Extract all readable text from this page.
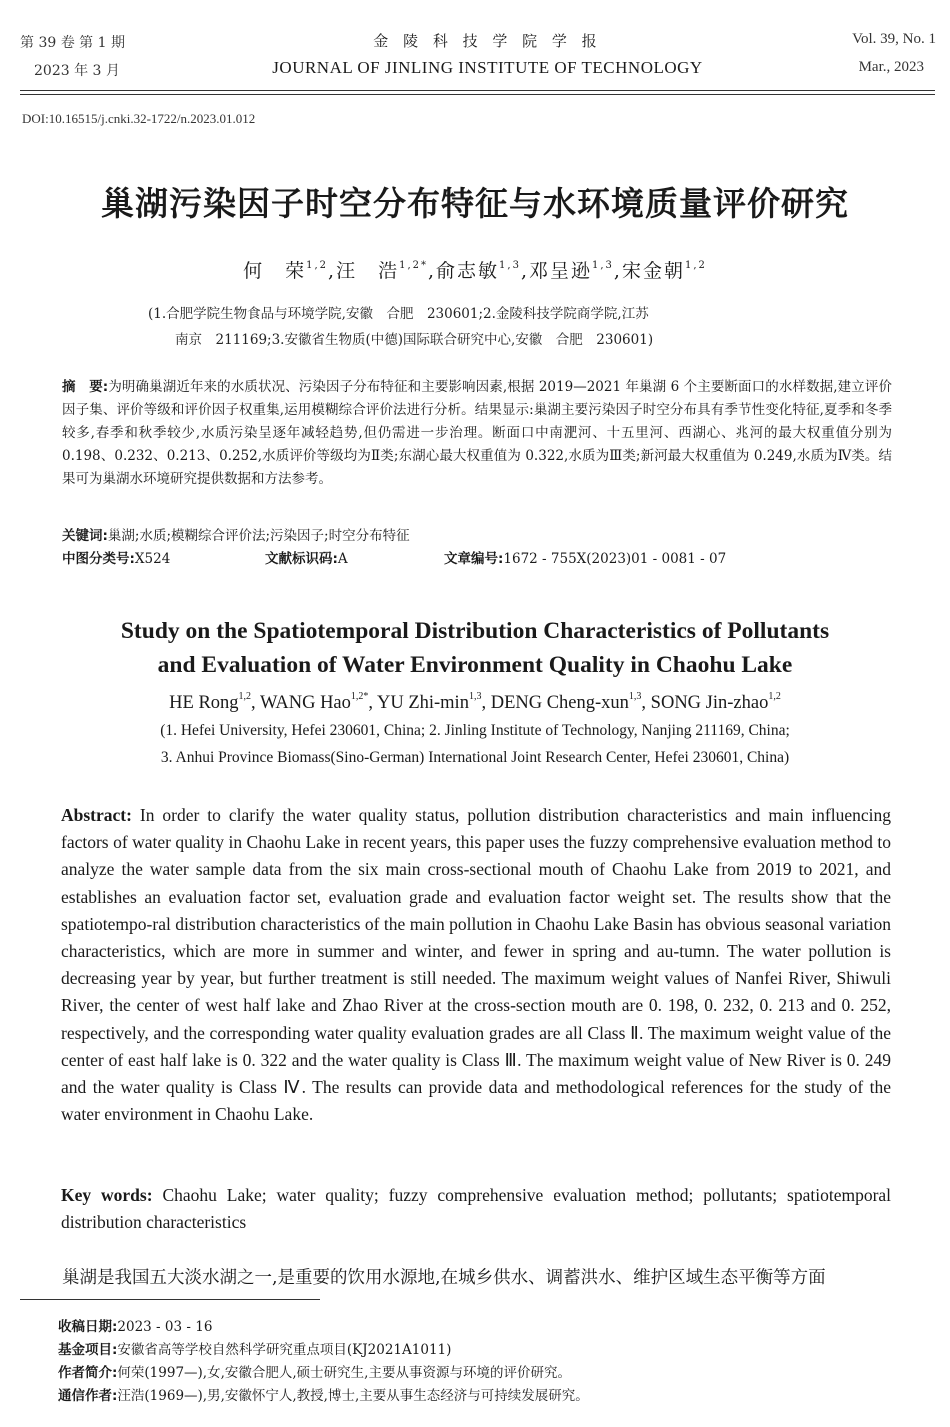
第 39 卷 第 1 期
2023 年 3 月
金 陵 科 技 学 院 学 报
JOURNAL OF JINLING INSTITUTE OF TECHNOLOGY
Vol. 39, No. 1
Mar., 2023
DOI:10.16515/j.cnki.32-1722/n.2023.01.012
巢湖污染因子时空分布特征与水环境质量评价研究
何　荣$^{1,2}$,汪　浩$^{1,2*}$,俞志敏$^{1,3}$,邓呈逊$^{1,3}$,宋金朝$^{1,2}$
(1.合肥学院生物食品与环境学院,安徽　合肥　230601;2.金陵科技学院商学院,江苏
南京　211169;3.安徽省生物质(中德)国际联合研究中心,安徽　合肥　230601)
摘　要:为明确巢湖近年来的水质状况、污染因子分布特征和主要影响因素,根据 2019—2021 年巢湖 6 个主要断面口的水样数据,建立评价因子集、评价等级和评价因子权重集,运用模糊综合评价法进行分析。结果显示:巢湖主要污染因子时空分布具有季节性变化特征,夏季和冬季较多,春季和秋季较少,水质污染呈逐年减轻趋势,但仍需进一步治理。断面口中南淝河、十五里河、西湖心、兆河的最大权重值分别为 0.198、0.232、0.213、0.252,水质评价等级均为Ⅱ类;东湖心最大权重值为 0.322,水质为Ⅲ类;新河最大权重值为 0.249,水质为Ⅳ类。结果可为巢湖水环境研究提供数据和方法参考。
关键词:巢湖;水质;模糊综合评价法;污染因子;时空分布特征
中图分类号:X524	文献标识码:A	文章编号:1672 - 755X(2023)01 - 0081 - 07
Study on the Spatiotemporal Distribution Characteristics of Pollutants
and Evaluation of Water Environment Quality in Chaohu Lake
HE Rong$^{1,2}$, WANG Hao$^{1,2*}$, YU Zhi-$\min^{1,3}$, DENG Cheng-xun$^{1,3}$, SONG Jin-zhao$^{1,2}$
(1. Hefei University, Hefei 230601, China; 2. Jinling Institute of Technology, Nanjing 211169, China;
3. Anhui Province Biomass(Sino-German) International Joint Research Center, Hefei 230601, China)
Abstract: In order to clarify the water quality status, pollution distribution characteristics and main influencing factors of water quality in Chaohu Lake in recent years, this paper uses the fuzzy comprehensive evaluation method to analyze the water sample data from the six main cross-sectional mouth of Chaohu Lake from 2019 to 2021, and establishes an evaluation factor set, evaluation grade and evaluation factor weight set. The results show that the spatiotempo-ral distribution characteristics of the main pollution in Chaohu Lake Basin has obvious seasonal variation characteristics, which are more in summer and winter, and fewer in spring and au-tumn. The water pollution is decreasing year by year, but further treatment is still needed. The maximum weight values of Nanfei River, Shiwuli River, the center of west half lake and Zhao River at the cross-section mouth are 0. 198, 0. 232, 0. 213 and 0. 252, respectively, and the corresponding water quality evaluation grades are all Class Ⅱ. The maximum weight value of the center of east half lake is 0. 322 and the water quality is Class Ⅲ. The maximum weight value of New River is 0. 249 and the water quality is Class Ⅳ. The results can provide data and methodological references for the study of the water environment in Chaohu Lake.
Key words: Chaohu Lake; water quality; fuzzy comprehensive evaluation method; pollutants; spatiotemporal distribution characteristics
巢湖是我国五大淡水湖之一,是重要的饮用水源地,在城乡供水、调蓄洪水、维护区域生态平衡等方面
收稿日期:2023 - 03 - 16
基金项目:安徽省高等学校自然科学研究重点项目(KJ2021A1011)
作者简介:何荣(1997—),女,安徽合肥人,硕士研究生,主要从事资源与环境的评价研究。
通信作者:汪浩(1969—),男,安徽怀宁人,教授,博士,主要从事生态经济与可持续发展研究。
